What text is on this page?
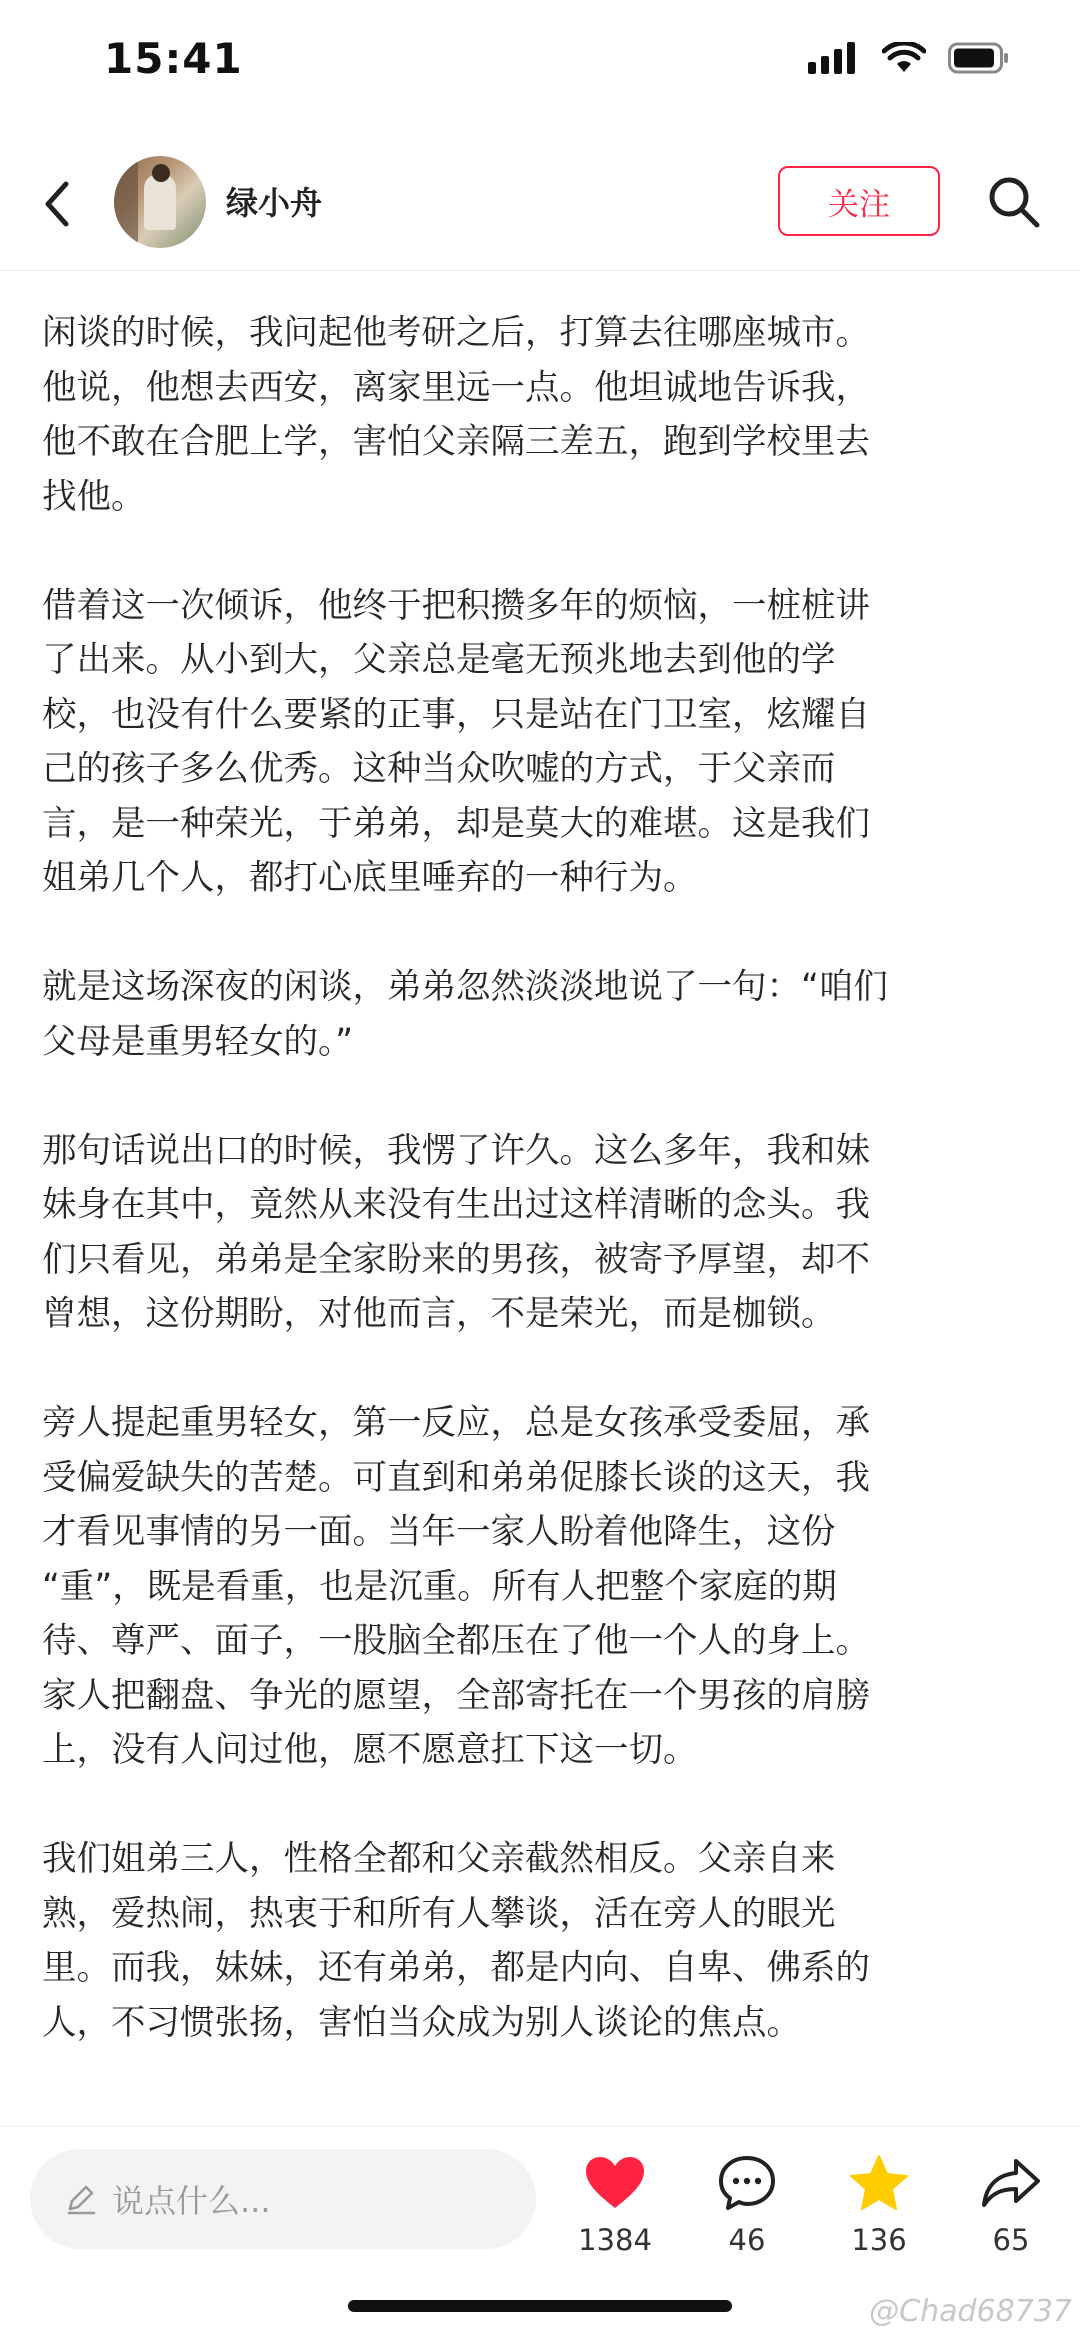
15:41
绿小舟	关注

闲谈的时候，我问起他考研之后，打算去往哪座城市。
他说，他想去西安，离家里远一点。他坦诚地告诉我，
他不敢在合肥上学，害怕父亲隔三差五，跑到学校里去
找他。

借着这一次倾诉，他终于把积攒多年的烦恼，一桩桩讲
了出来。从小到大，父亲总是毫无预兆地去到他的学
校，也没有什么要紧的正事，只是站在门卫室，炫耀自
己的孩子多么优秀。这种当众吹嘘的方式，于父亲而
言，是一种荣光，于弟弟，却是莫大的难堪。这是我们
姐弟几个人，都打心底里唾弃的一种行为。

就是这场深夜的闲谈，弟弟忽然淡淡地说了一句：“咱们
父母是重男轻女的。”

那句话说出口的时候，我愣了许久。这么多年，我和妹
妹身在其中，竟然从来没有生出过这样清晰的念头。我
们只看见，弟弟是全家盼来的男孩，被寄予厚望，却不
曾想，这份期盼，对他而言，不是荣光，而是枷锁。

旁人提起重男轻女，第一反应，总是女孩承受委屈，承
受偏爱缺失的苦楚。可直到和弟弟促膝长谈的这天，我
才看见事情的另一面。当年一家人盼着他降生，这份
“重”，既是看重，也是沉重。所有人把整个家庭的期
待、尊严、面子，一股脑全都压在了他一个人的身上。
家人把翻盘、争光的愿望，全部寄托在一个男孩的肩膀
上，没有人问过他，愿不愿意扛下这一切。

我们姐弟三人，性格全都和父亲截然相反。父亲自来
熟，爱热闹，热衷于和所有人攀谈，活在旁人的眼光
里。而我，妹妹，还有弟弟，都是内向、自卑、佛系的
人，不习惯张扬，害怕当众成为别人谈论的焦点。

说点什么...
1384	46	136	65
@Chad68737
